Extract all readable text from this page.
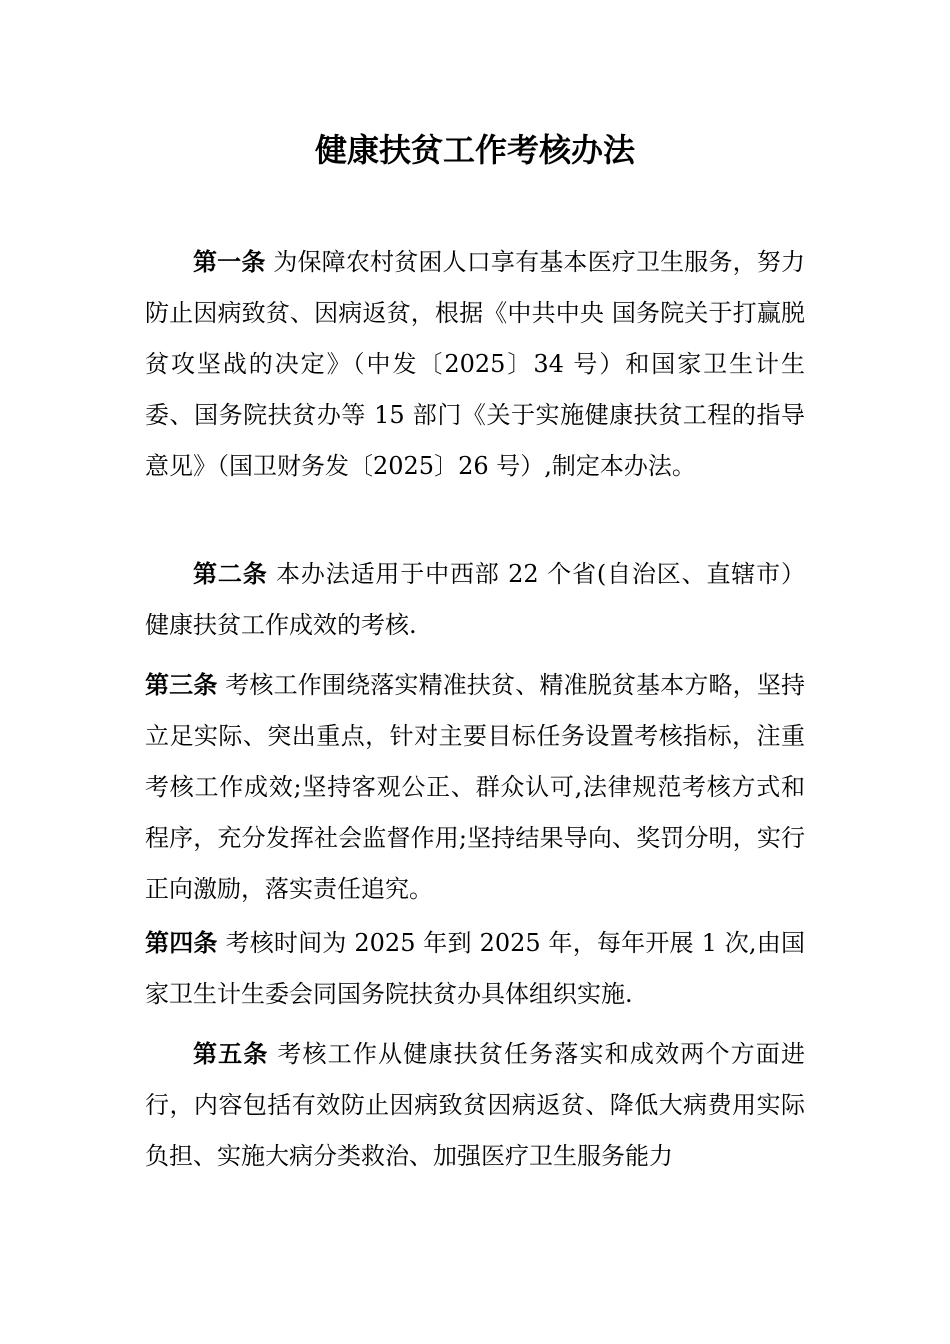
健康扶贫工作考核办法

第一条 为保障农村贫困人口享有基本医疗卫生服务，努力防止因病致贫、因病返贫，根据《中共中央 国务院关于打赢脱贫攻坚战的决定》（中发〔2025〕34 号）和国家卫生计生委、国务院扶贫办等 15 部门《关于实施健康扶贫工程的指导意见》（国卫财务发〔2025〕26 号）,制定本办法。

第二条 本办法适用于中西部 22 个省(自治区、直辖市）健康扶贫工作成效的考核.

第三条 考核工作围绕落实精准扶贫、精准脱贫基本方略，坚持立足实际、突出重点，针对主要目标任务设置考核指标，注重考核工作成效;坚持客观公正、群众认可,法律规范考核方式和程序，充分发挥社会监督作用;坚持结果导向、奖罚分明，实行正向激励，落实责任追究。

第四条 考核时间为 2025 年到 2025 年，每年开展 1 次,由国家卫生计生委会同国务院扶贫办具体组织实施.

第五条 考核工作从健康扶贫任务落实和成效两个方面进行，内容包括有效防止因病致贫因病返贫、降低大病费用实际负担、实施大病分类救治、加强医疗卫生服务能力
